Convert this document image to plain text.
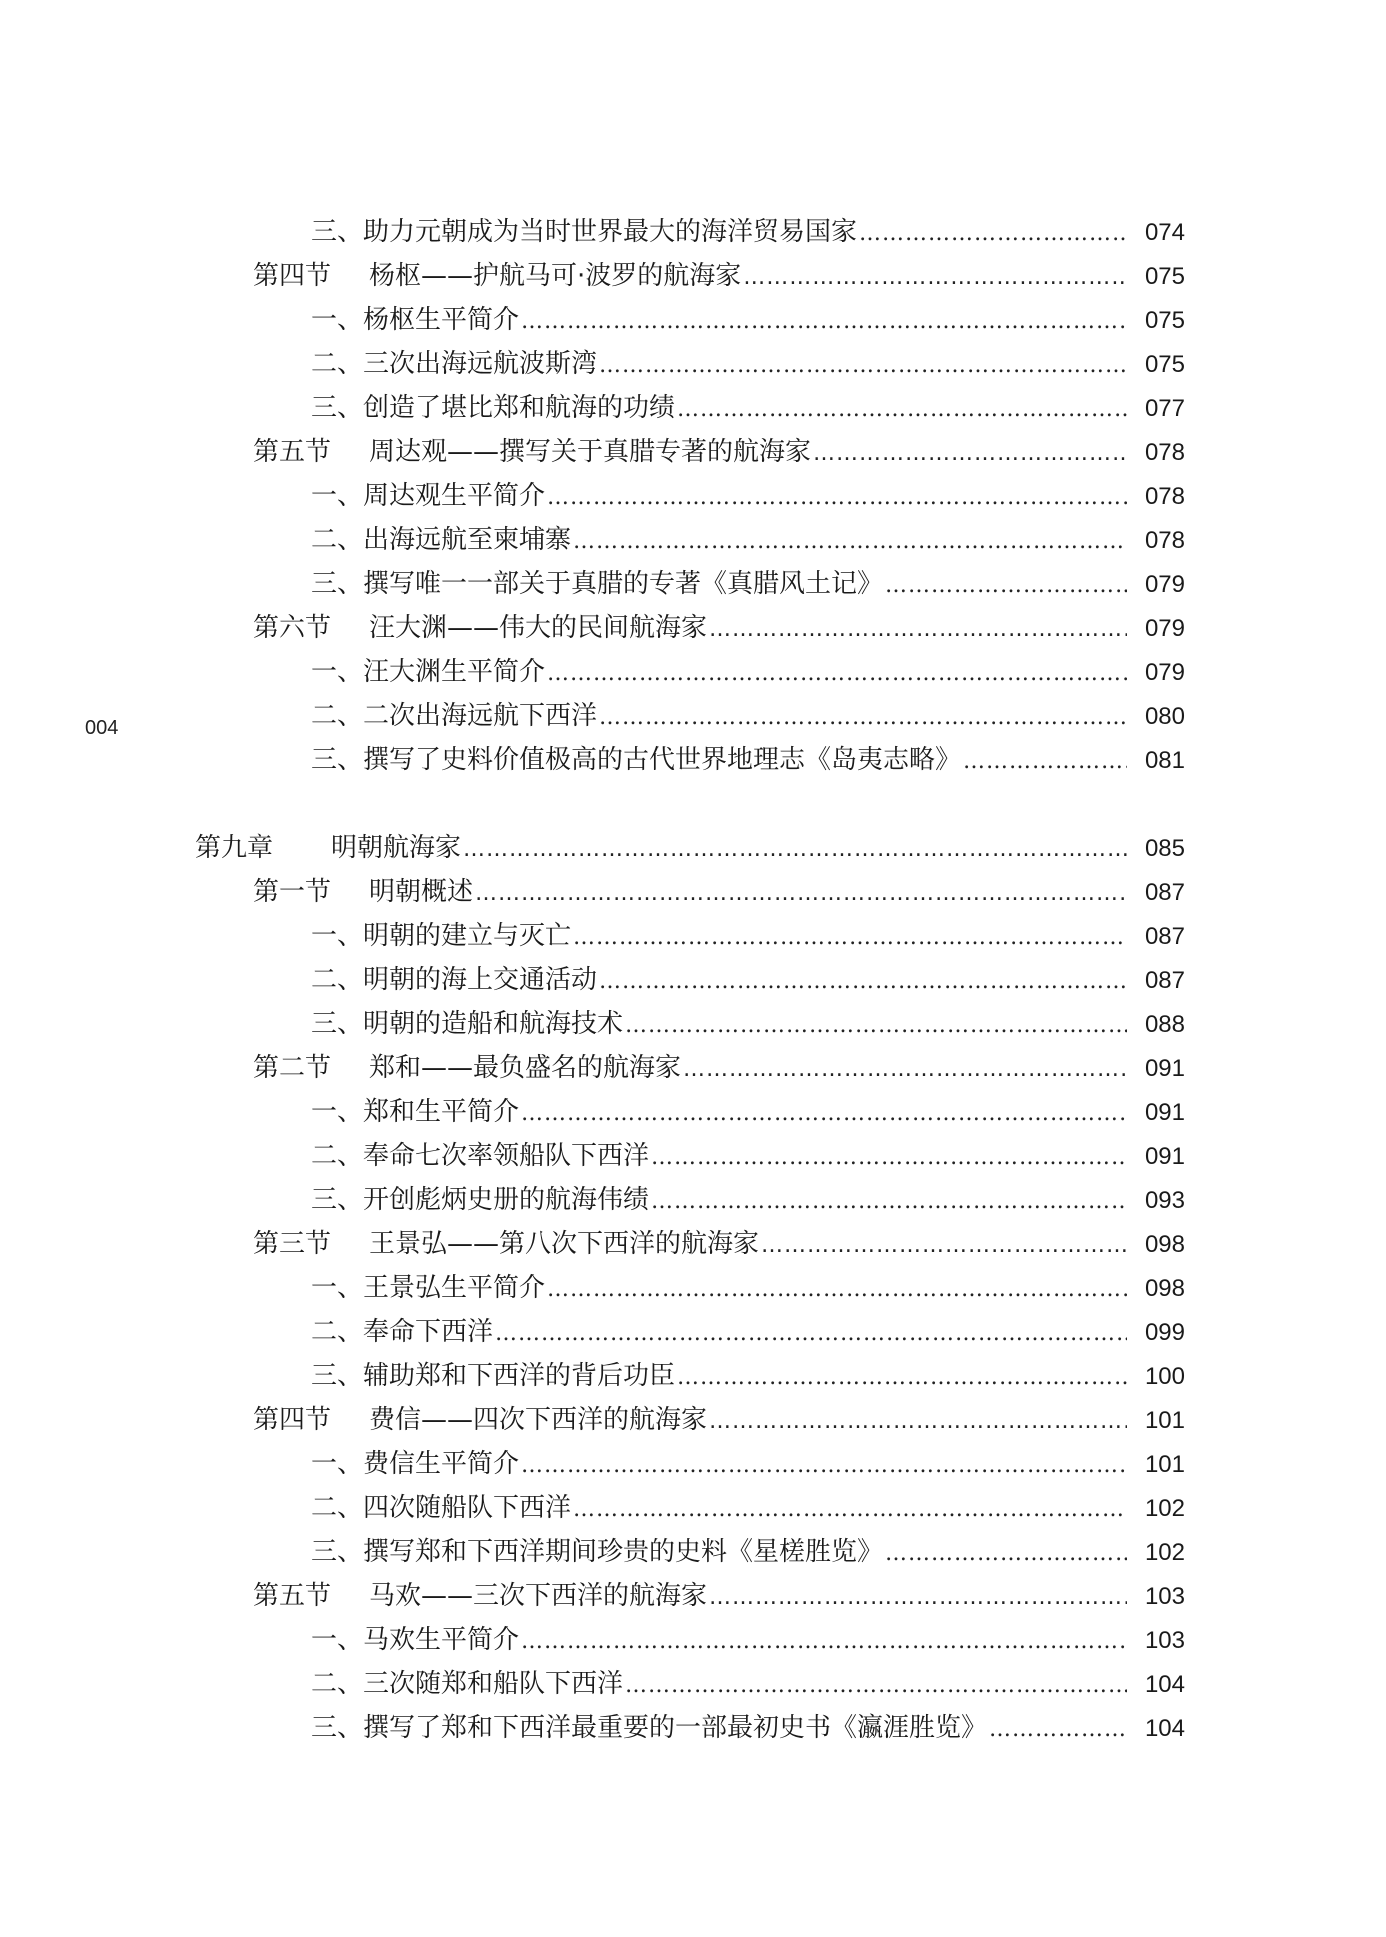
004
三、助力元朝成为当时世界最大的海洋贸易国家 ……………………………………………………………………………………………………………………………………………………………………………………………………………………	074
第四节 杨枢——护航马可·波罗的航海家 ……………………………………………………………………………………………………………………………………………………………………………………………………………………	075
一、杨枢生平简介 ……………………………………………………………………………………………………………………………………………………………………………………………………………………	075
二、三次出海远航波斯湾 ……………………………………………………………………………………………………………………………………………………………………………………………………………………	075
三、创造了堪比郑和航海的功绩 ……………………………………………………………………………………………………………………………………………………………………………………………………………………	077
第五节 周达观——撰写关于真腊专著的航海家 ……………………………………………………………………………………………………………………………………………………………………………………………………………………	078
一、周达观生平简介 ……………………………………………………………………………………………………………………………………………………………………………………………………………………	078
二、出海远航至柬埔寨 ……………………………………………………………………………………………………………………………………………………………………………………………………………………	078
三、撰写唯一一部关于真腊的专著《真腊风土记》 ……………………………………………………………………………………………………………………………………………………………………………………………………………………	079
第六节 汪大渊——伟大的民间航海家 ……………………………………………………………………………………………………………………………………………………………………………………………………………………	079
一、汪大渊生平简介 ……………………………………………………………………………………………………………………………………………………………………………………………………………………	079
二、二次出海远航下西洋 ……………………………………………………………………………………………………………………………………………………………………………………………………………………	080
三、撰写了史料价值极高的古代世界地理志《岛夷志略》 ……………………………………………………………………………………………………………………………………………………………………………………………………………………	081
第九章 明朝航海家 ……………………………………………………………………………………………………………………………………………………………………………………………………………………	085
第一节 明朝概述 ……………………………………………………………………………………………………………………………………………………………………………………………………………………	087
一、明朝的建立与灭亡 ……………………………………………………………………………………………………………………………………………………………………………………………………………………	087
二、明朝的海上交通活动 ……………………………………………………………………………………………………………………………………………………………………………………………………………………	087
三、明朝的造船和航海技术 ……………………………………………………………………………………………………………………………………………………………………………………………………………………	088
第二节 郑和——最负盛名的航海家 ……………………………………………………………………………………………………………………………………………………………………………………………………………………	091
一、郑和生平简介 ……………………………………………………………………………………………………………………………………………………………………………………………………………………	091
二、奉命七次率领船队下西洋 ……………………………………………………………………………………………………………………………………………………………………………………………………………………	091
三、开创彪炳史册的航海伟绩 ……………………………………………………………………………………………………………………………………………………………………………………………………………………	093
第三节 王景弘——第八次下西洋的航海家 ……………………………………………………………………………………………………………………………………………………………………………………………………………………	098
一、王景弘生平简介 ……………………………………………………………………………………………………………………………………………………………………………………………………………………	098
二、奉命下西洋 ……………………………………………………………………………………………………………………………………………………………………………………………………………………	099
三、辅助郑和下西洋的背后功臣 ……………………………………………………………………………………………………………………………………………………………………………………………………………………	100
第四节 费信——四次下西洋的航海家 ……………………………………………………………………………………………………………………………………………………………………………………………………………………	101
一、费信生平简介 ……………………………………………………………………………………………………………………………………………………………………………………………………………………	101
二、四次随船队下西洋 ……………………………………………………………………………………………………………………………………………………………………………………………………………………	102
三、撰写郑和下西洋期间珍贵的史料《星槎胜览》 ……………………………………………………………………………………………………………………………………………………………………………………………………………………	102
第五节 马欢——三次下西洋的航海家 ……………………………………………………………………………………………………………………………………………………………………………………………………………………	103
一、马欢生平简介 ……………………………………………………………………………………………………………………………………………………………………………………………………………………	103
二、三次随郑和船队下西洋 ……………………………………………………………………………………………………………………………………………………………………………………………………………………	104
三、撰写了郑和下西洋最重要的一部最初史书《瀛涯胜览》 ……………………………………………………………………………………………………………………………………………………………………………………………………………………	104
